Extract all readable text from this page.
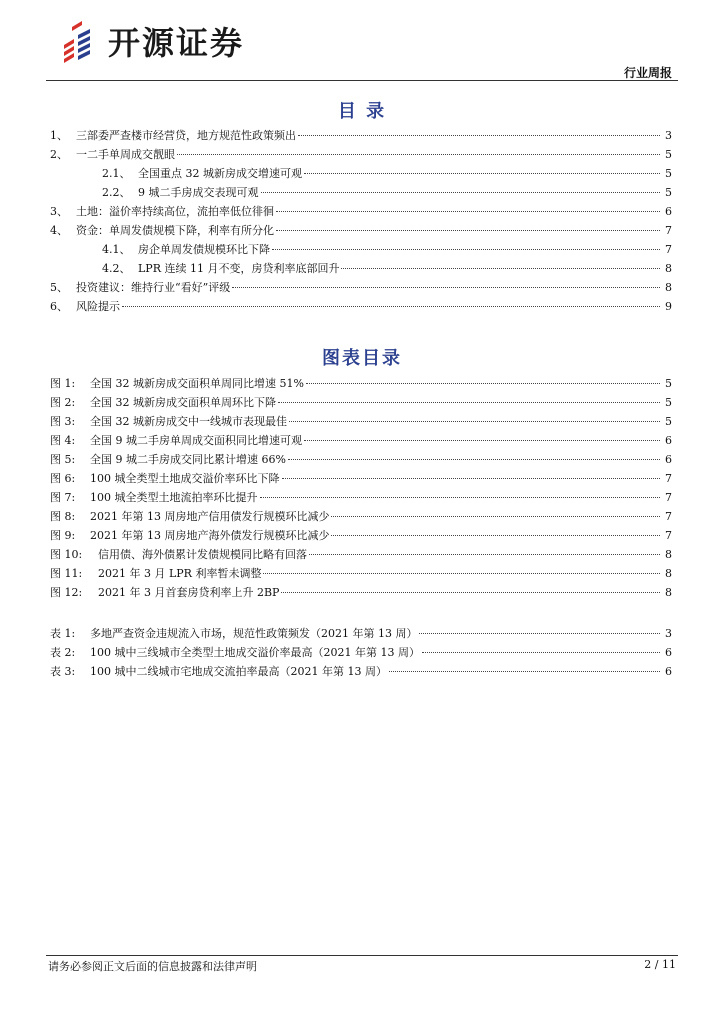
开源证券
行业周报
目 录
1、 三部委严查楼市经营贷，地方规范性政策频出	3
2、 一二手单周成交靓眼	5
2.1、 全国重点 32 城新房成交增速可观	5
2.2、 9 城二手房成交表现可观	5
3、 土地：溢价率持续高位，流拍率低位徘徊	6
4、 资金：单周发债规模下降，利率有所分化	7
4.1、 房企单周发债规模环比下降	7
4.2、 LPR 连续 11 月不变，房贷利率底部回升	8
5、 投资建议：维持行业“看好”评级	8
6、 风险提示	9
图表目录
图 1:	全国 32 城新房成交面积单周同比增速 51%	5
图 2:	全国 32 城新房成交面积单周环比下降	5
图 3:	全国 32 城新房成交中一线城市表现最佳	5
图 4:	全国 9 城二手房单周成交面积同比增速可观	6
图 5:	全国 9 城二手房成交同比累计增速 66%	6
图 6:	100 城全类型土地成交溢价率环比下降	7
图 7:	100 城全类型土地流拍率环比提升	7
图 8:	2021 年第 13 周房地产信用债发行规模环比减少	7
图 9:	2021 年第 13 周房地产海外债发行规模环比减少	7
图 10:	信用债、海外债累计发债规模同比略有回落	8
图 11:	2021 年 3 月 LPR 利率暂未调整	8
图 12:	2021 年 3 月首套房贷利率上升 2BP	8
表 1:	多地严查资金违规流入市场，规范性政策频发（2021 年第 13 周）	3
表 2:	100 城中三线城市全类型土地成交溢价率最高（2021 年第 13 周）	6
表 3:	100 城中二线城市宅地成交流拍率最高（2021 年第 13 周）	6
请务必参阅正文后面的信息披露和法律声明	2 / 11
